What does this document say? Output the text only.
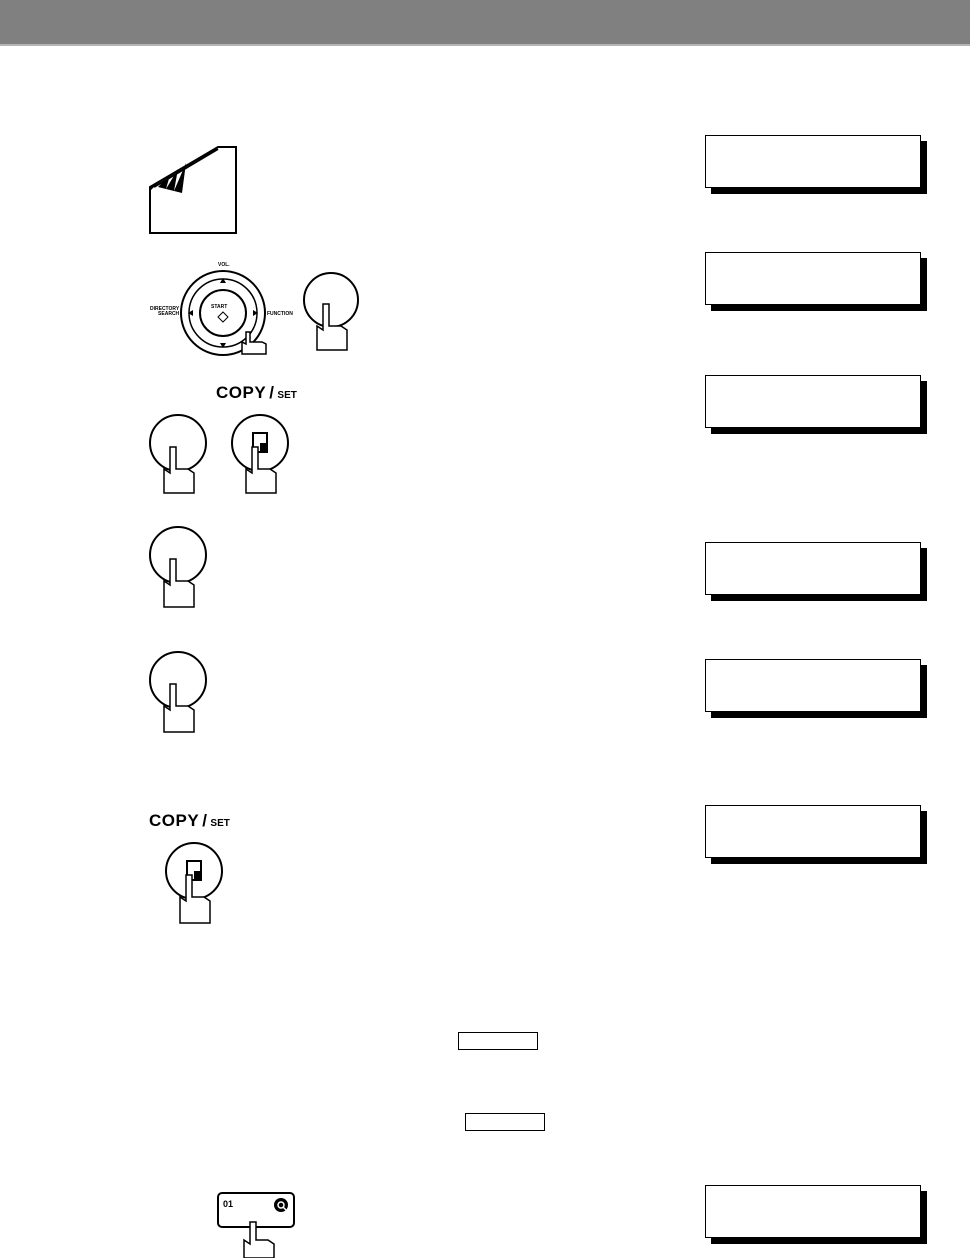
START
VOL.
DIRECTORY
SEARCH	FUNCTION
COPY / SET
COPY / SET
01
